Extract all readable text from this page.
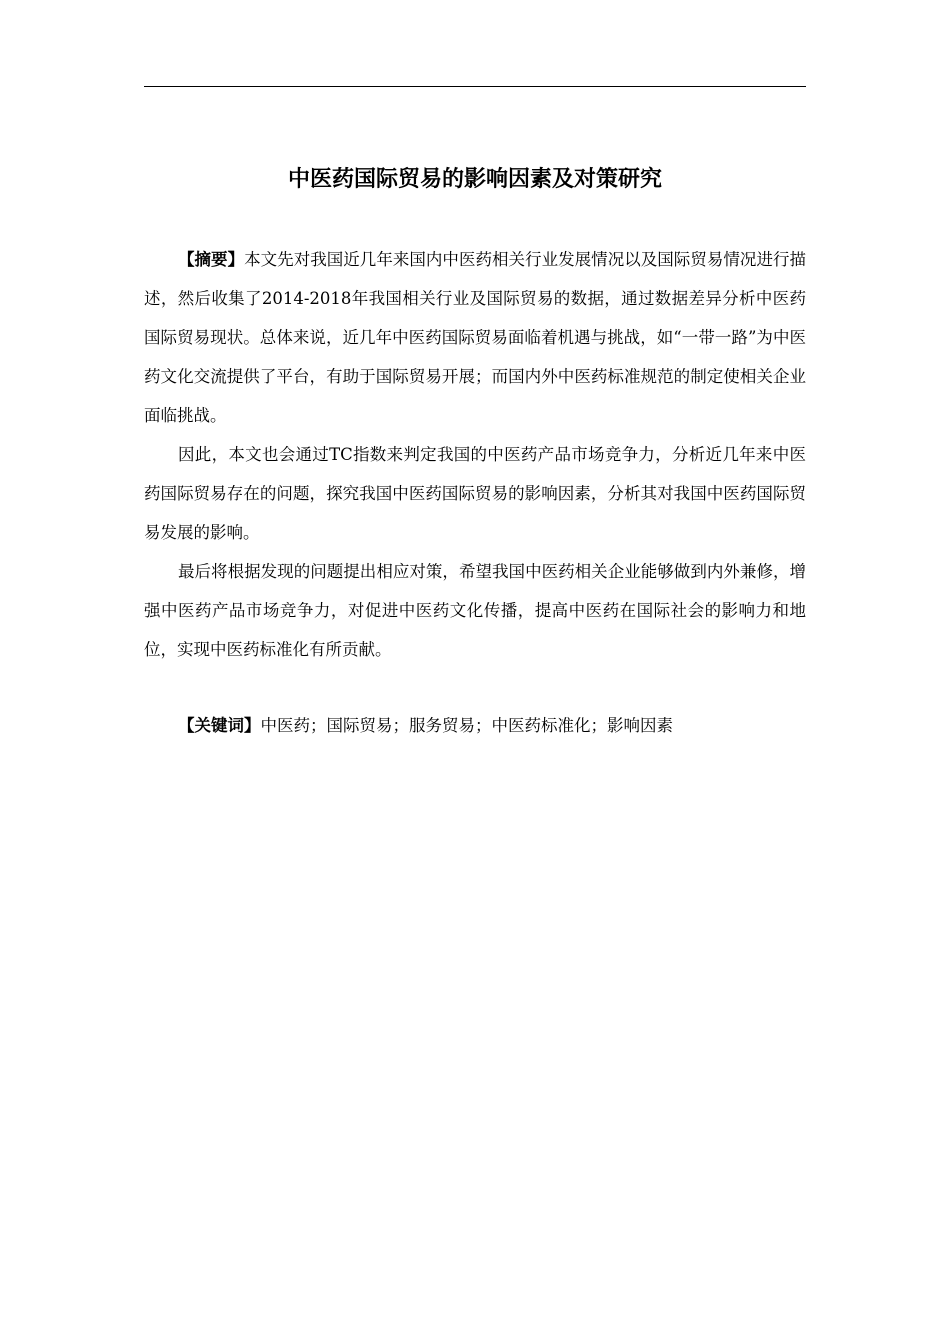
中医药国际贸易的影响因素及对策研究

【摘要】本文先对我国近几年来国内中医药相关行业发展情况以及国际贸易情况进行描述，然后收集了2014-2018年我国相关行业及国际贸易的数据，通过数据差异分析中医药国际贸易现状。总体来说，近几年中医药国际贸易面临着机遇与挑战，如“一带一路”为中医药文化交流提供了平台，有助于国际贸易开展；而国内外中医药标准规范的制定使相关企业面临挑战。

因此，本文也会通过TC指数来判定我国的中医药产品市场竞争力，分析近几年来中医药国际贸易存在的问题，探究我国中医药国际贸易的影响因素，分析其对我国中医药国际贸易发展的影响。

最后将根据发现的问题提出相应对策，希望我国中医药相关企业能够做到内外兼修，增强中医药产品市场竞争力，对促进中医药文化传播，提高中医药在国际社会的影响力和地位，实现中医药标准化有所贡献。

【关键词】中医药；国际贸易；服务贸易；中医药标准化；影响因素
